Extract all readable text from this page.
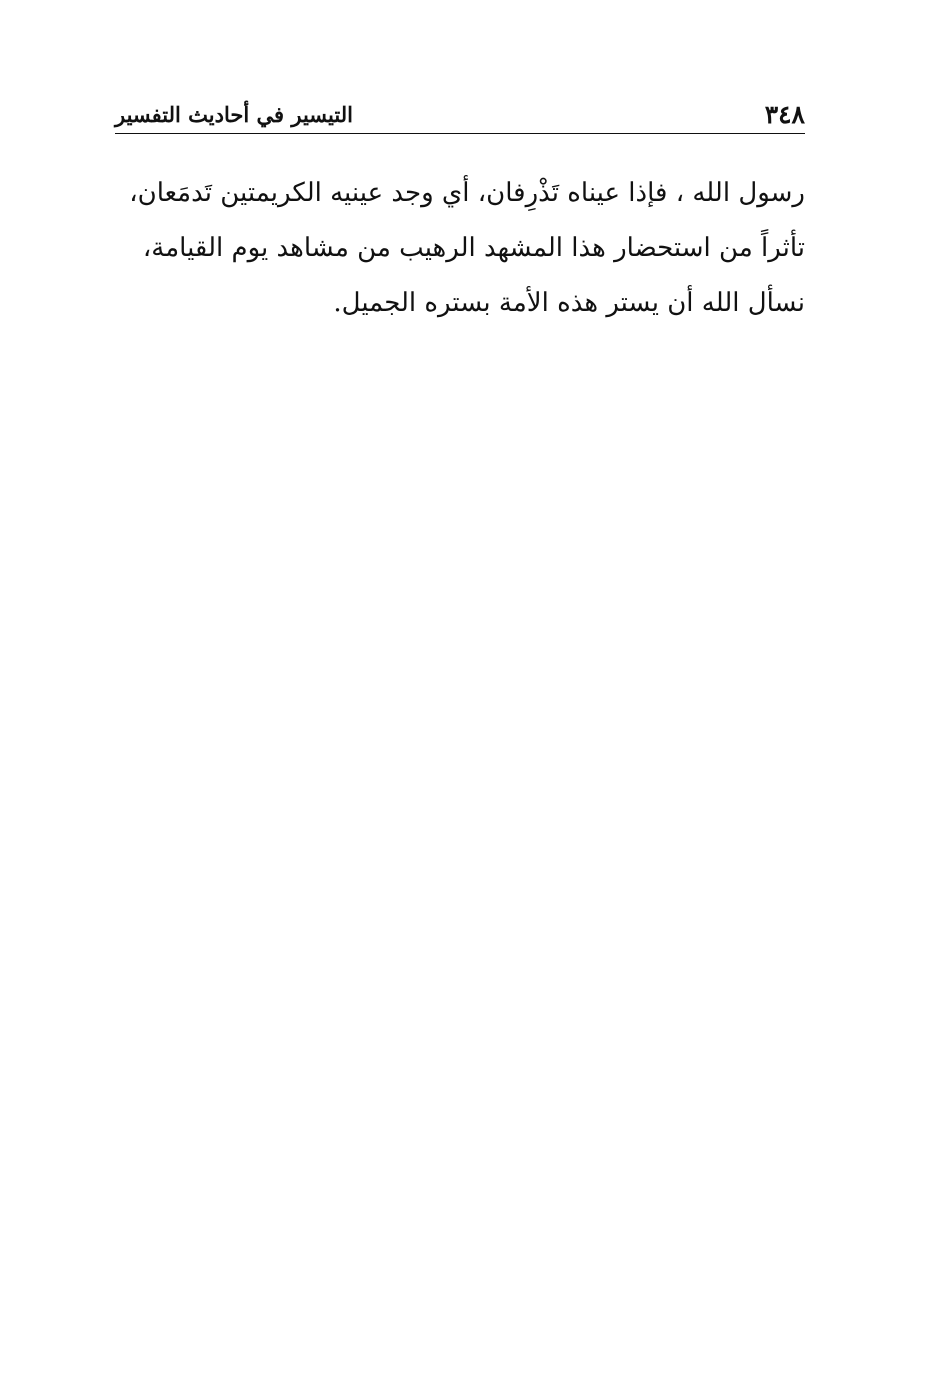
٣٤٨
التيسير في أحاديث التفسير
رسول الله ، فإذا عيناه تَذْرِفان، أي وجد عينيه الكريمتين تَدمَعان،
تأثراً من استحضار هذا المشهد الرهيب من مشاهد يوم القيامة،
نسأل الله أن يستر هذه الأمة بستره الجميل.
